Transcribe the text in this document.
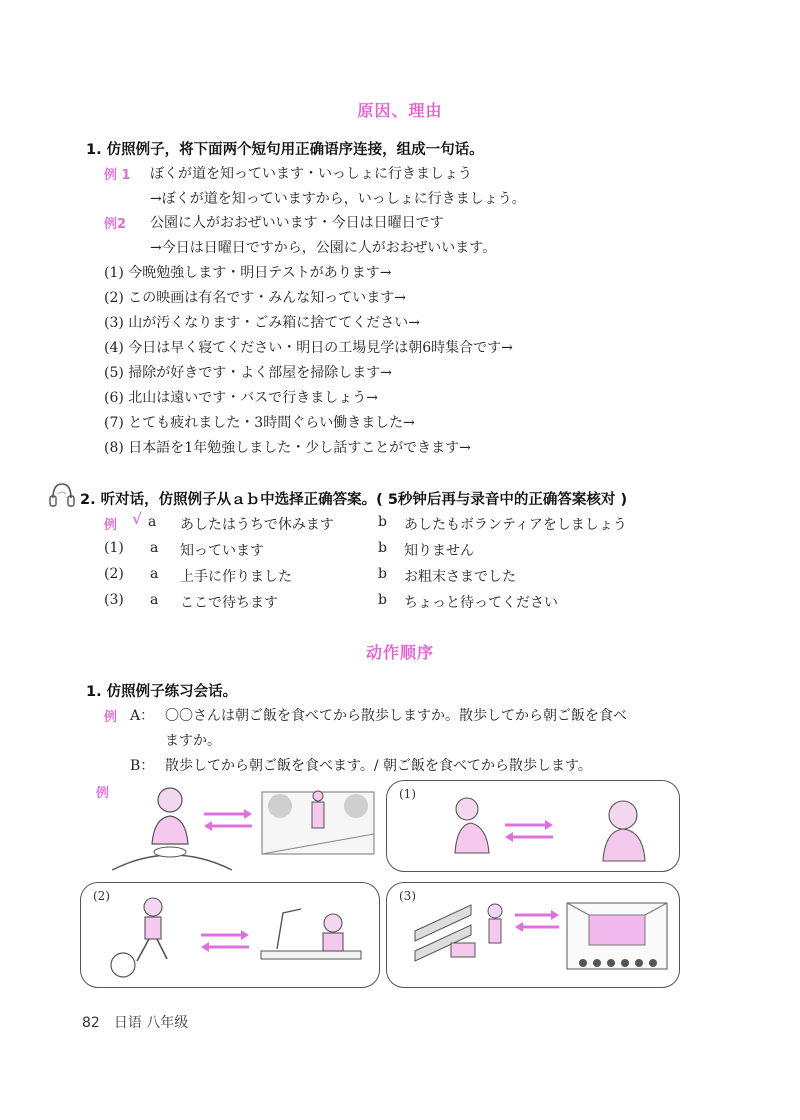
原因、理由
1. 仿照例子，将下面两个短句用正确语序连接，组成一句话。
例 1 ぼくが道を知っています・いっしょに行きましょう
→ぼくが道を知っていますから，いっしょに行きましょう。
例2 公園に人がおおぜいいます・今日は日曜日です
→今日は日曜日ですから，公園に人がおおぜいいます。
(1) 今晩勉強します・明日テストがあります→
(2) この映画は有名です・みんな知っています→
(3) 山が汚くなります・ごみ箱に捨ててください→
(4) 今日は早く寝てください・明日の工場見学は朝6時集合です→
(5) 掃除が好きです・よく部屋を掃除します→
(6) 北山は遠いです・バスで行きましょう→
(7) とても疲れました・3時間ぐらい働きました→
(8) 日本語を1年勉強しました・少し話すことができます→
2. 听对话，仿照例子从ａｂ中选择正确答案。( 5秒钟后再与录音中的正确答案核对 )
例 √ a あしたはうちで休みます	b あしたもボランティアをしましょう
(1) a 知っています	b 知りません
(2) a 上手に作りました	b お粗末さまでした
(3) a ここで待ちます	b ちょっと待ってください
动作顺序
1. 仿照例子练习会话。
例 A： 〇〇さんは朝ご飯を食べてから散歩しますか。散歩してから朝ご飯を食べ
ますか。
B： 散歩してから朝ご飯を食べます。/ 朝ご飯を食べてから散歩します。
例	(1)
(2)	(3)
82 日语 八年级
